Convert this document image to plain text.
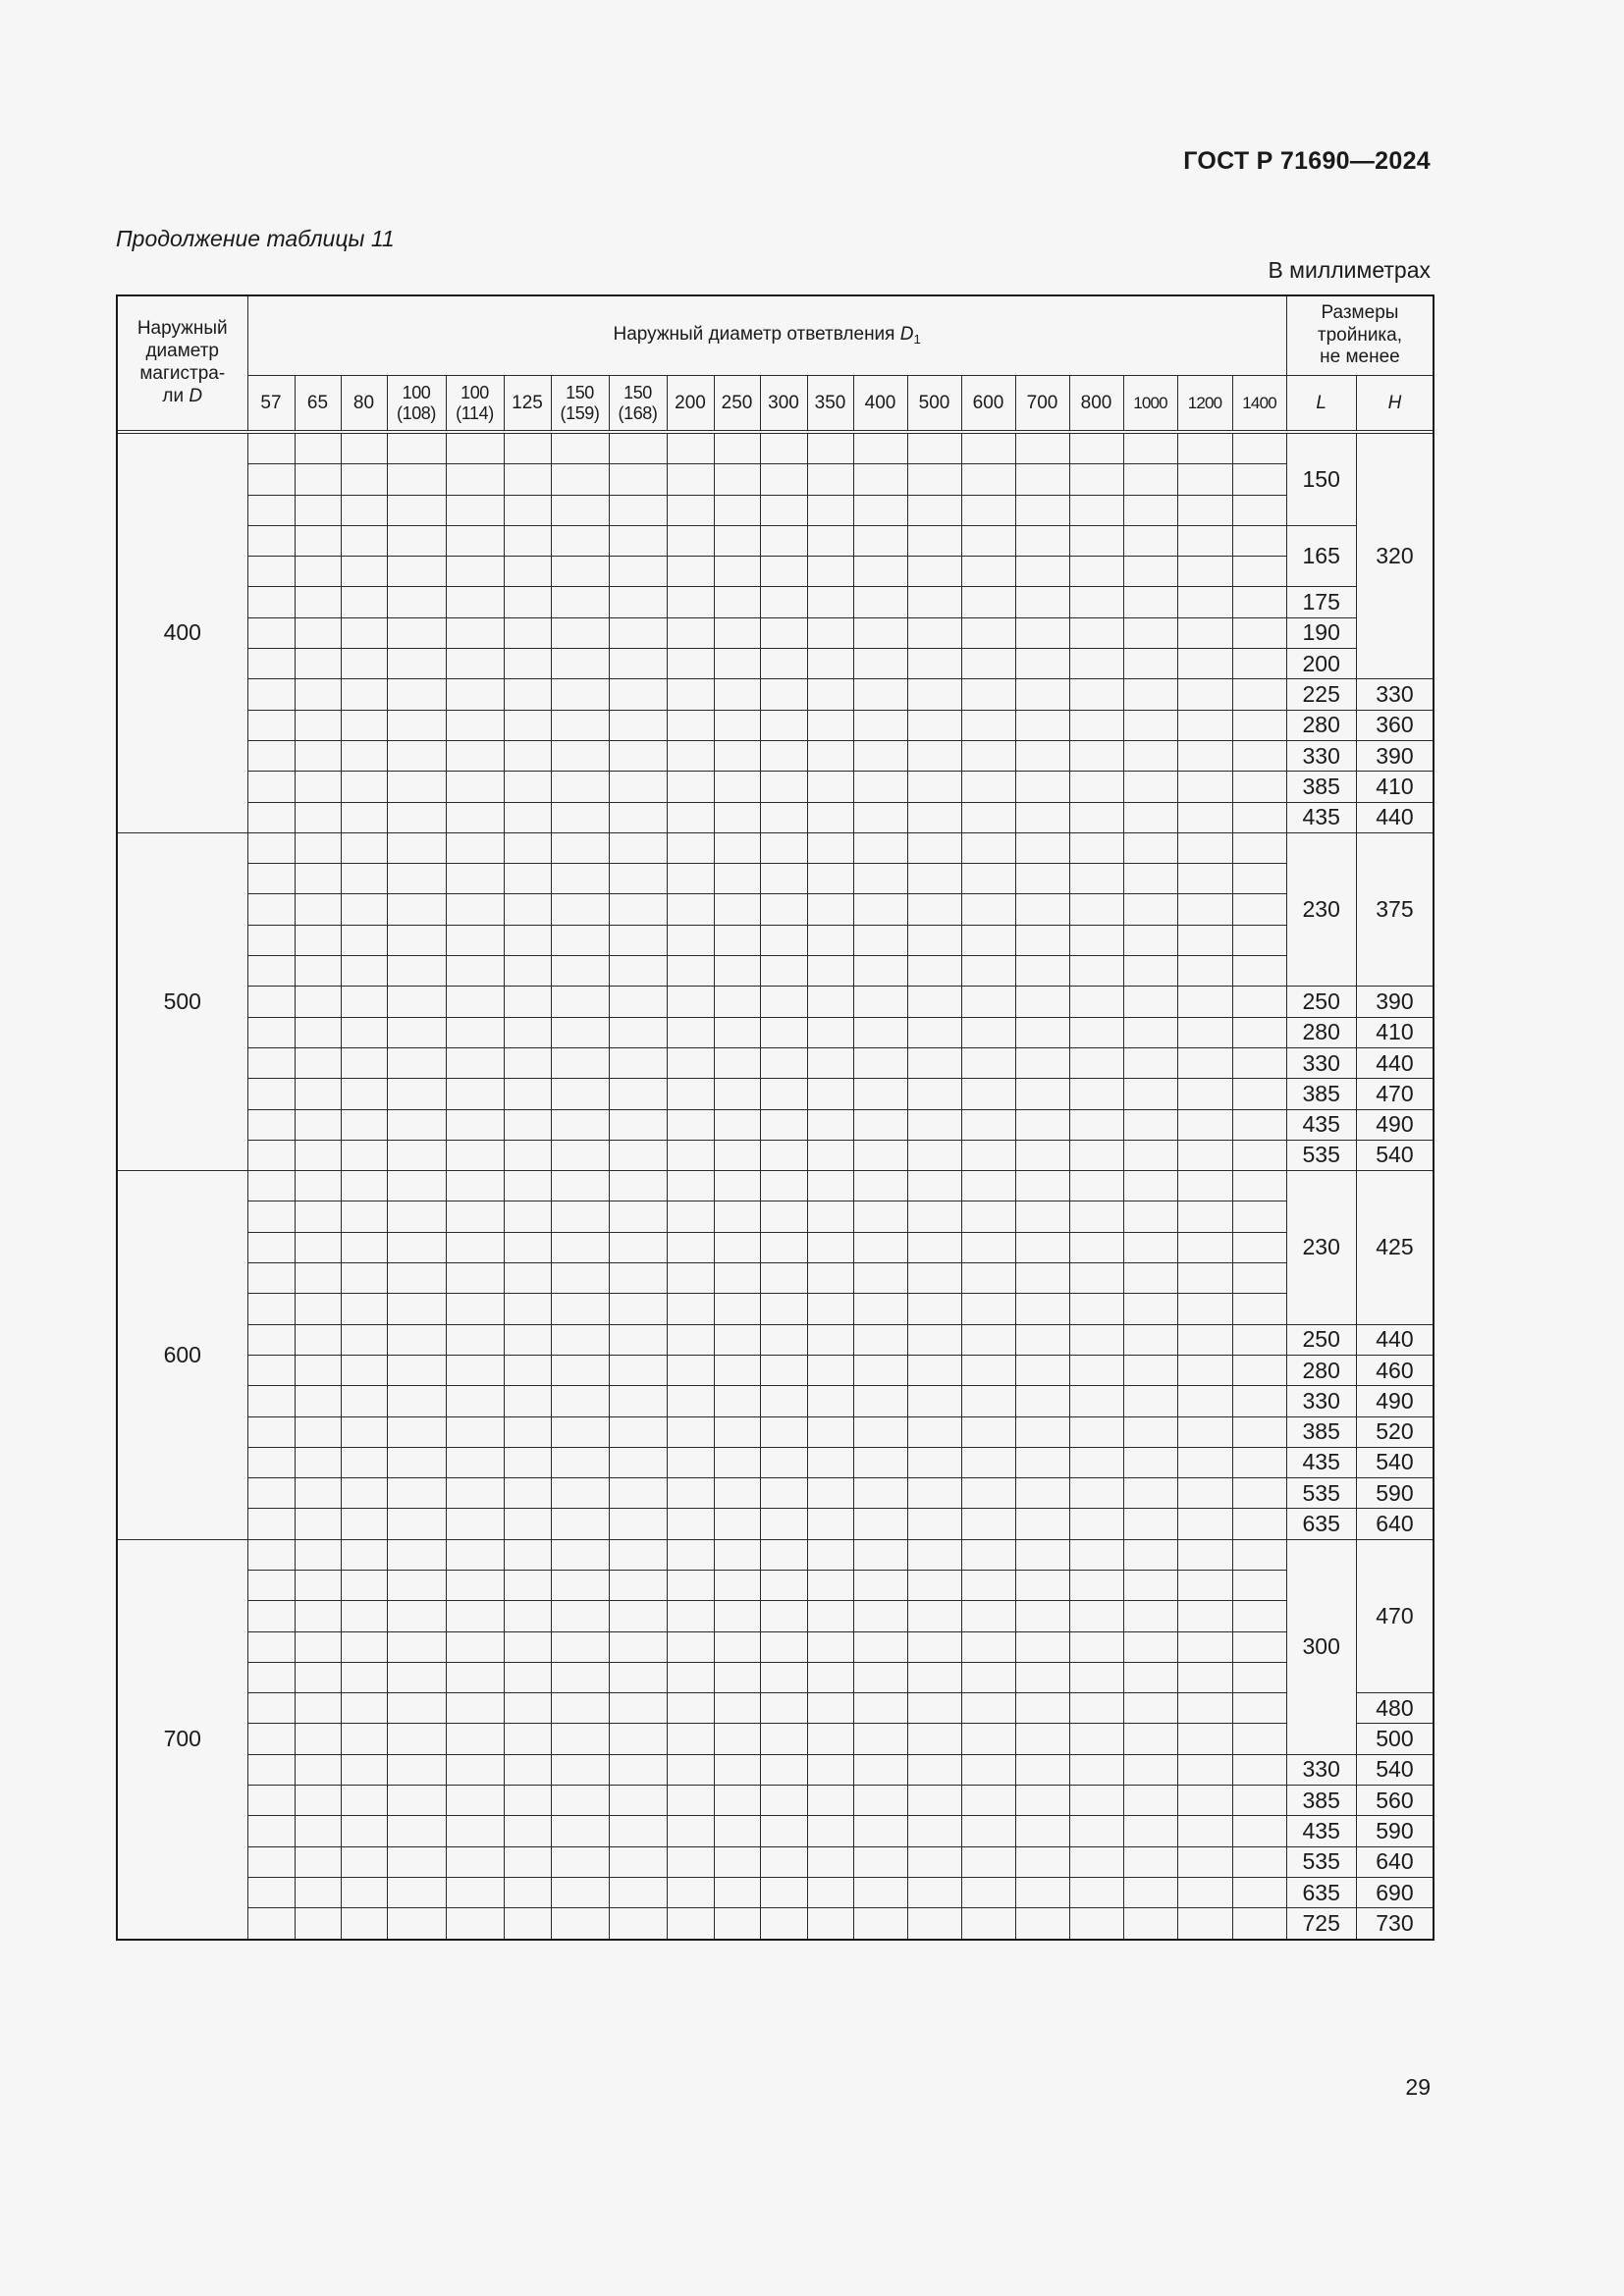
ГОСТ Р 71690—2024
Продолжение таблицы 11
В миллиметрах
Наружный
диаметр
магистра-
ли D	Наружный диаметр ответвления $D_1$																				Размеры
тройника,
не менее	
	57	65	80	100 (108)	100 (114)	125	150 (159)	150 (168)	200	250	300	350	400	500	600	700	800	1000	1200	1400	L	H

400																					150	320

																					165	

																					175	
																					190	
																					200	
																					225	330
																					280	360
																					330	390
																					385	410
																					435	440
500																					230	375

																					250	390
																					280	410
																					330	440
																					385	470
																					435	490
																					535	540
600																					230	425

																					250	440
																					280	460
																					330	490
																					385	520
																					435	540
																					535	590
																					635	640
700																					300	470

																						480
																						500
																					330	540
																					385	560
																					435	590
																					535	640
																					635	690
																					725	730
29
